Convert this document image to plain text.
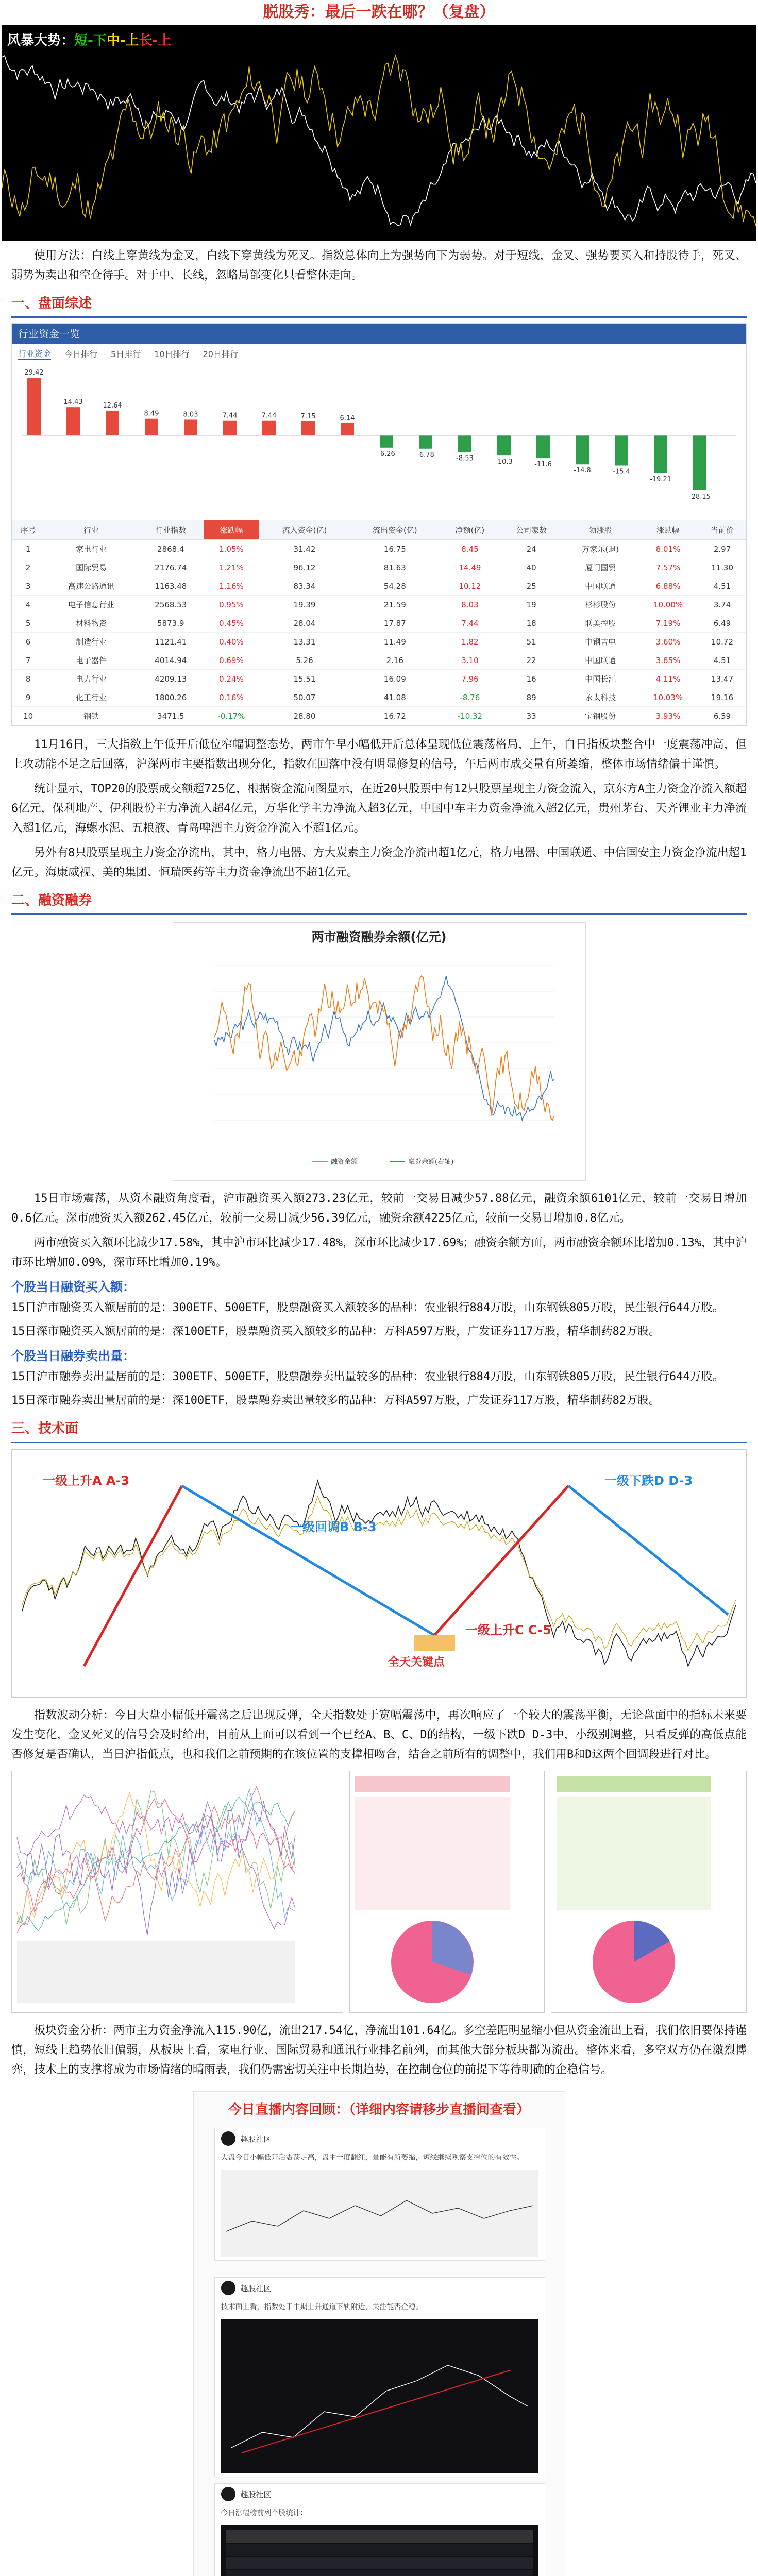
脱股秀：最后一跌在哪？（复盘）
风暴大势：短-下中-上长-上
使用方法：白线上穿黄线为金叉，白线下穿黄线为死叉。指数总体向上为强势向下为弱势。对于短线，金叉、强势要买入和持股待手，死叉、弱势为卖出和空仓待手。对于中、长线，忽略局部变化只看整体走向。
一、盘面综述
行业资金一览
行业资金 今日排行 5日排行 10日排行 20日排行
29.42
14.43	12.64
8.49	8.03	7.44	7.44	7.15	6.14
-6.26	-6.78	-8.53	-10.3	-11.6
-14.8	-15.4
-19.21
-28.15
序号	行业	行业指数	涨跌幅	流入资金(亿)	流出资金(亿)	净额(亿)	公司家数	领涨股	涨跌幅	当前价
1	家电行业	2868.4	1.05%	31.42	16.75	8.45	24	万家乐(退)	8.01%	2.97
2	国际贸易	2176.74	1.21%	96.12	81.63	14.49	40	厦门国贸	7.57%	11.30
3	高速公路通讯	1163.48	1.16%	83.34	54.28	10.12	25	中国联通	6.88%	4.51
4	电子信息行业	2568.53	0.95%	19.39	21.59	8.03	19	杉杉股份	10.00%	3.74
5	材料物资	5873.9	0.45%	28.04	17.87	7.44	18	联美控股	7.19%	6.49
6	制造行业	1121.41	0.40%	13.31	11.49	1.82	51	中钢吉电	3.60%	10.72
7	电子器件	4014.94	0.69%	5.26	2.16	3.10	22	中国联通	3.85%	4.51
8	电力行业	4209.13	0.24%	15.51	16.09	7.96	16	中国长江	4.11%	13.47
9	化工行业	1800.26	0.16%	50.07	41.08	-8.76	89	永太科技	10.03%	19.16
10	钢铁	3471.5	-0.17%	28.80	16.72	-10.32	33	宝钢股份	3.93%	6.59
11月16日，三大指数上午低开后低位窄幅调整态势，两市午早小幅低开后总体呈现低位震荡格局，上午，白日指板块整合中一度震荡冲高，但上攻动能不足之后回落，沪深两市主要指数出现分化，指数在回落中没有明显修复的信号，午后两市成交量有所萎缩，整体市场情绪偏于谨慎。
统计显示，TOP20的股票成交额超725亿，根据资金流向图显示，在近20只股票中有12只股票呈现主力资金流入，京东方A主力资金净流入额超6亿元，保利地产、伊利股份主力净流入超4亿元，万华化学主力净流入超3亿元，中国中车主力资金净流入超2亿元，贵州茅台、天齐锂业主力净流入超1亿元，海螺水泥、五粮液、青岛啤酒主力资金净流入不超1亿元。
另外有8只股票呈现主力资金净流出，其中，格力电器、方大炭素主力资金净流出超1亿元，格力电器、中国联通、中信国安主力资金净流出超1亿元。海康威视、美的集团、恒瑞医药等主力资金净流出不超1亿元。
二、融资融券
两市融资融券余额(亿元)
融资余额	融券余额(右轴)
15日市场震荡，从资本融资角度看，沪市融资买入额273.23亿元，较前一交易日减少57.88亿元，融资余额6101亿元，较前一交易日增加0.6亿元。深市融资买入额262.45亿元，较前一交易日减少56.39亿元，融资余额4225亿元，较前一交易日增加0.8亿元。
两市融资买入额环比减少17.58%，其中沪市环比减少17.48%，深市环比减少17.69%；融资余额方面，两市融资余额环比增加0.13%，其中沪市环比增加0.09%，深市环比增加0.19%。
个股当日融资买入额：
15日沪市融资买入额居前的是：300ETF、500ETF，股票融资买入额较多的品种：农业银行884万股，山东钢铁805万股，民生银行644万股。
15日深市融资买入额居前的是：深100ETF，股票融资买入额较多的品种：万科A597万股，广发证券117万股，精华制药82万股。
个股当日融券卖出量：
15日沪市融券卖出量居前的是：300ETF、500ETF，股票融券卖出量较多的品种：农业银行884万股，山东钢铁805万股，民生银行644万股。
15日深市融券卖出量居前的是：深100ETF，股票融券卖出量较多的品种：万科A597万股，广发证券117万股，精华制药82万股。
三、技术面
一级上升A A-3
一级回调B B-3
一级上升C C-5
一级下跌D D-3
全天关键点
指数波动分析：今日大盘小幅低开震荡之后出现反弹，全天指数处于宽幅震荡中，再次响应了一个较大的震荡平衡，无论盘面中的指标未来要发生变化，金叉死叉的信号会及时给出，目前从上面可以看到一个已经A、B、C、D的结构，一级下跌D D-3中，小级别调整，只看反弹的高低点能否修复是否确认，当日沪指低点，也和我们之前预期的在该位置的支撑相吻合，结合之前所有的调整中，我们用B和D这两个回调段进行对比。
板块资金分析：两市主力资金净流入115.90亿，流出217.54亿，净流出101.64亿。多空差距明显缩小但从资金流出上看，我们依旧要保持谨慎，短线上趋势依旧偏弱，从板块上看，家电行业、国际贸易和通讯行业排名前列，而其他大部分板块都为流出。整体来看，多空双方仍在激烈博弈，技术上的支撑将成为市场情绪的晴雨表，我们仍需密切关注中长期趋势，在控制仓位的前提下等待明确的企稳信号。
今日直播内容回顾：（详细内容请移步直播间查看）
趣股社区
大盘今日小幅低开后震荡走高，盘中一度翻红，量能有所萎缩，短线继续观察支撑位的有效性。
趣股社区
技术面上看，指数处于中期上升通道下轨附近，关注能否企稳。
趣股社区
今日涨幅榜前列个股统计：
